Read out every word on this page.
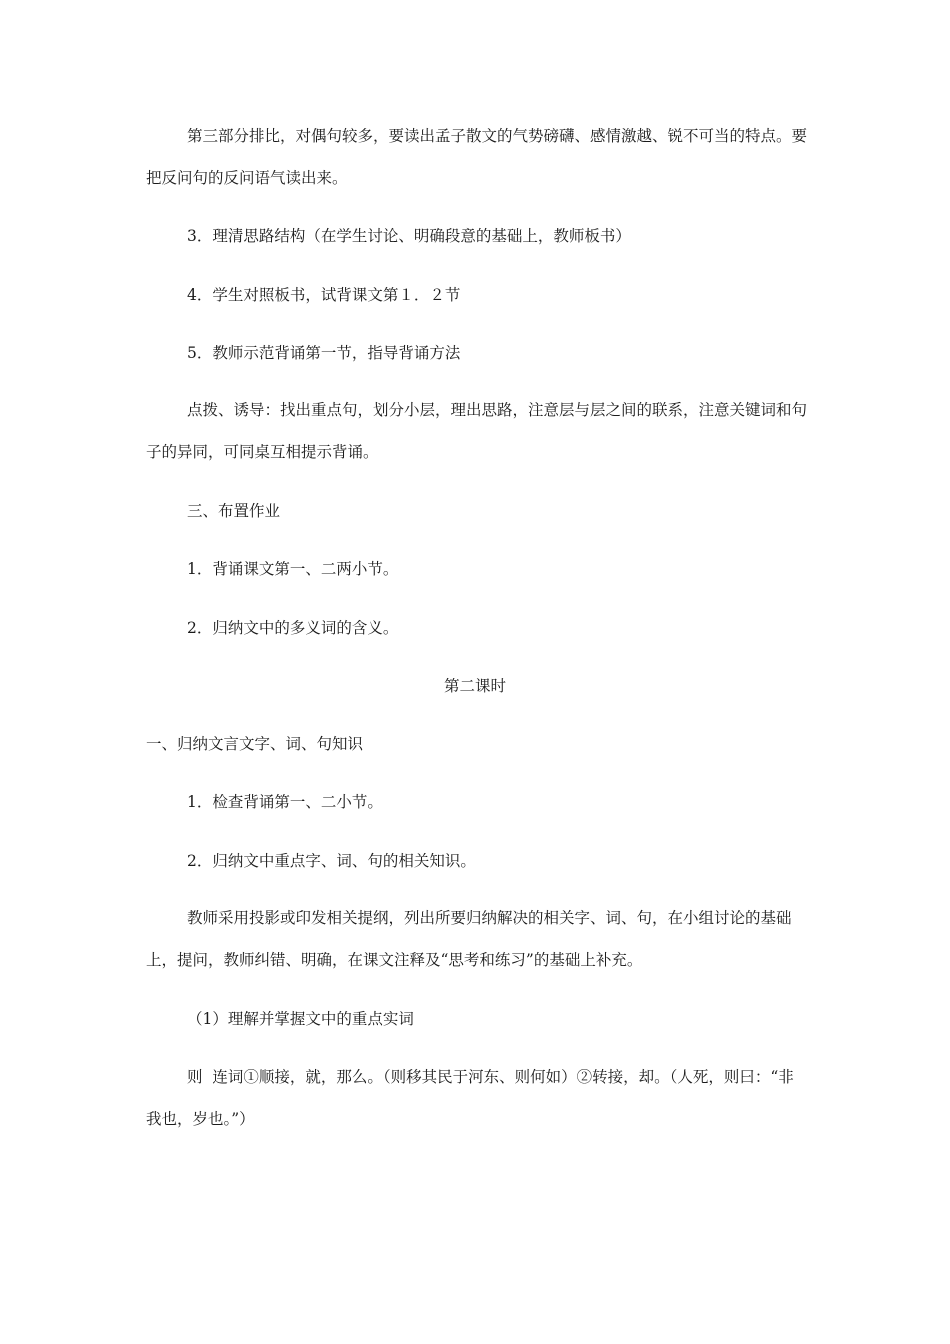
第三部分排比，对偶句较多，要读出孟子散文的气势磅礴、感情激越、锐不可当的特点。要把反问句的反问语气读出来。

3．理清思路结构（在学生讨论、明确段意的基础上，教师板书）

4．学生对照板书，试背课文第１．２节

5．教师示范背诵第一节，指导背诵方法

点拨、诱导：找出重点句，划分小层，理出思路，注意层与层之间的联系，注意关键词和句子的异同，可同桌互相提示背诵。

三、布置作业

1．背诵课文第一、二两小节。

2．归纳文中的多义词的含义。

第二课时

一、归纳文言文字、词、句知识

1．检查背诵第一、二小节。

2．归纳文中重点字、词、句的相关知识。

教师采用投影或印发相关提纲，列出所要归纳解决的相关字、词、句，在小组讨论的基础上，提问，教师纠错、明确，在课文注释及“思考和练习”的基础上补充。

（1）理解并掌握文中的重点实词

则  连词①顺接，就，那么。（则移其民于河东、则何如）②转接，却。（人死，则曰：“非我也，岁也。”）
